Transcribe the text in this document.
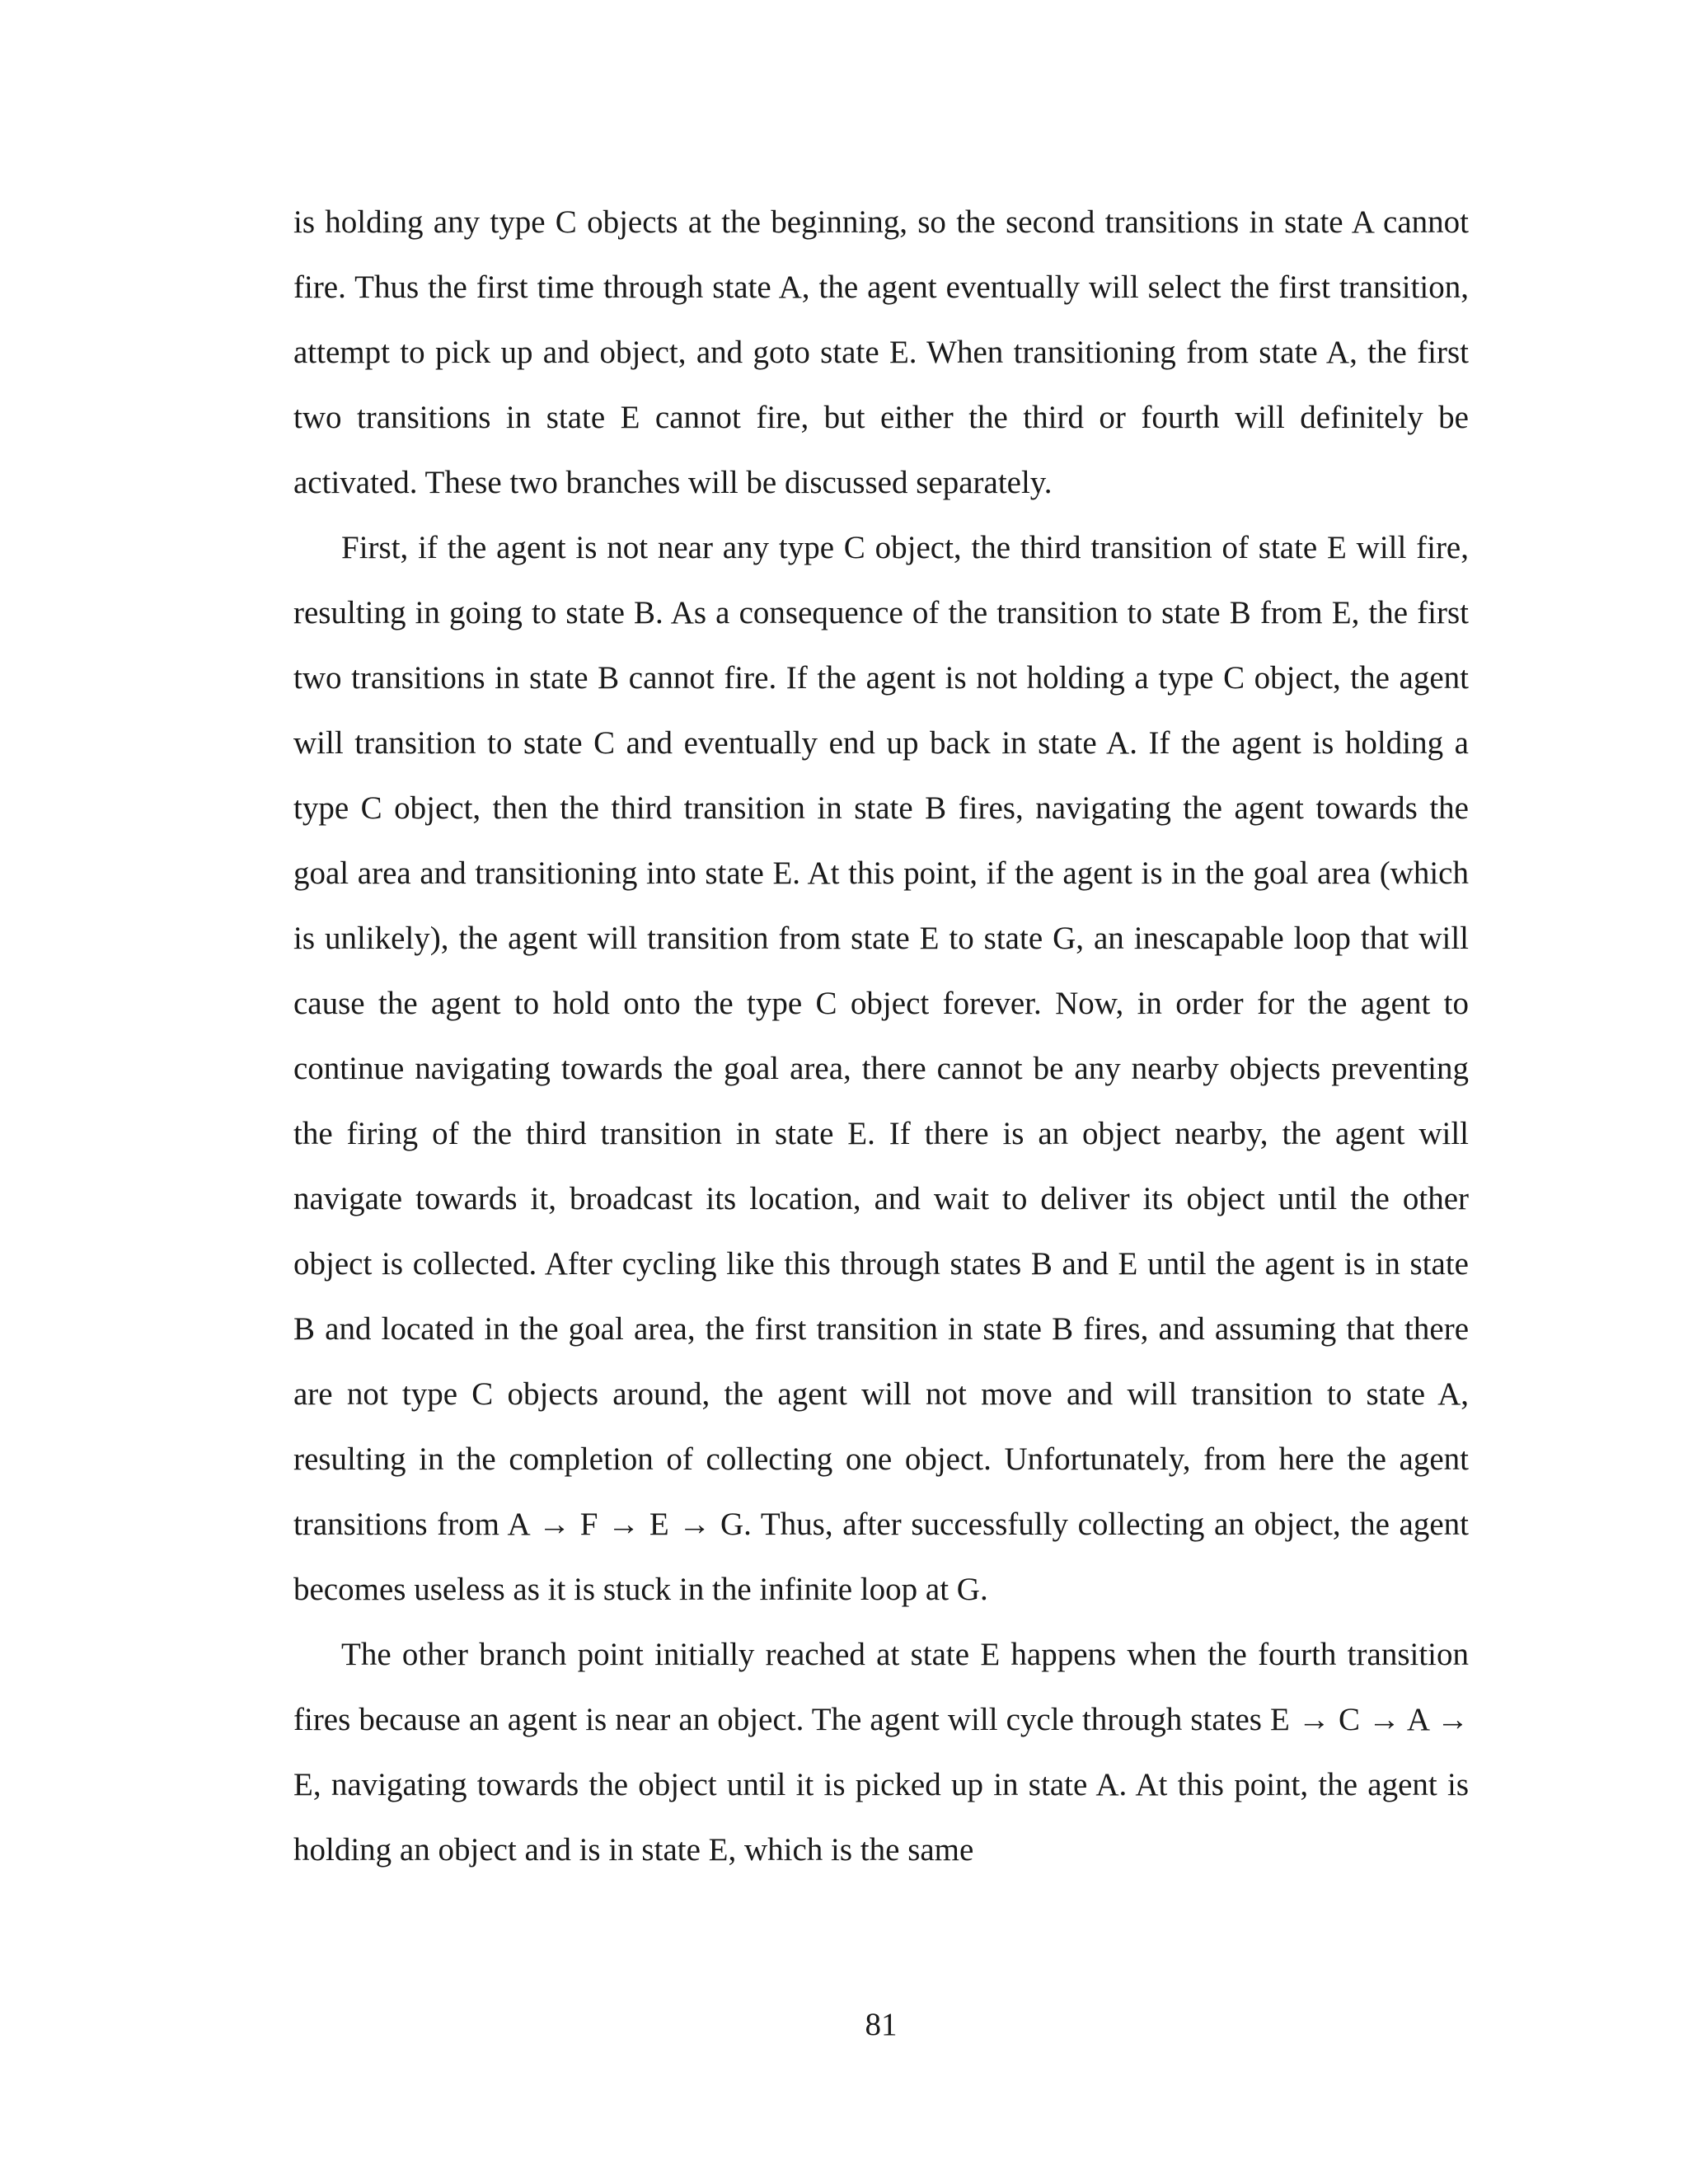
is holding any type C objects at the beginning, so the second transitions in state A cannot fire. Thus the first time through state A, the agent eventually will select the first transition, attempt to pick up and object, and goto state E. When transitioning from state A, the first two transitions in state E cannot fire, but either the third or fourth will definitely be activated. These two branches will be discussed separately.

First, if the agent is not near any type C object, the third transition of state E will fire, resulting in going to state B. As a consequence of the transition to state B from E, the first two transitions in state B cannot fire. If the agent is not holding a type C object, the agent will transition to state C and eventually end up back in state A. If the agent is holding a type C object, then the third transition in state B fires, navigating the agent towards the goal area and transitioning into state E. At this point, if the agent is in the goal area (which is unlikely), the agent will transition from state E to state G, an inescapable loop that will cause the agent to hold onto the type C object forever. Now, in order for the agent to continue navigating towards the goal area, there cannot be any nearby objects preventing the firing of the third transition in state E. If there is an object nearby, the agent will navigate towards it, broadcast its location, and wait to deliver its object until the other object is collected. After cycling like this through states B and E until the agent is in state B and located in the goal area, the first transition in state B fires, and assuming that there are not type C objects around, the agent will not move and will transition to state A, resulting in the completion of collecting one object. Unfortunately, from here the agent transitions from A → F → E → G. Thus, after successfully collecting an object, the agent becomes useless as it is stuck in the infinite loop at G.

The other branch point initially reached at state E happens when the fourth transition fires because an agent is near an object. The agent will cycle through states E → C → A → E, navigating towards the object until it is picked up in state A. At this point, the agent is holding an object and is in state E, which is the same

81
